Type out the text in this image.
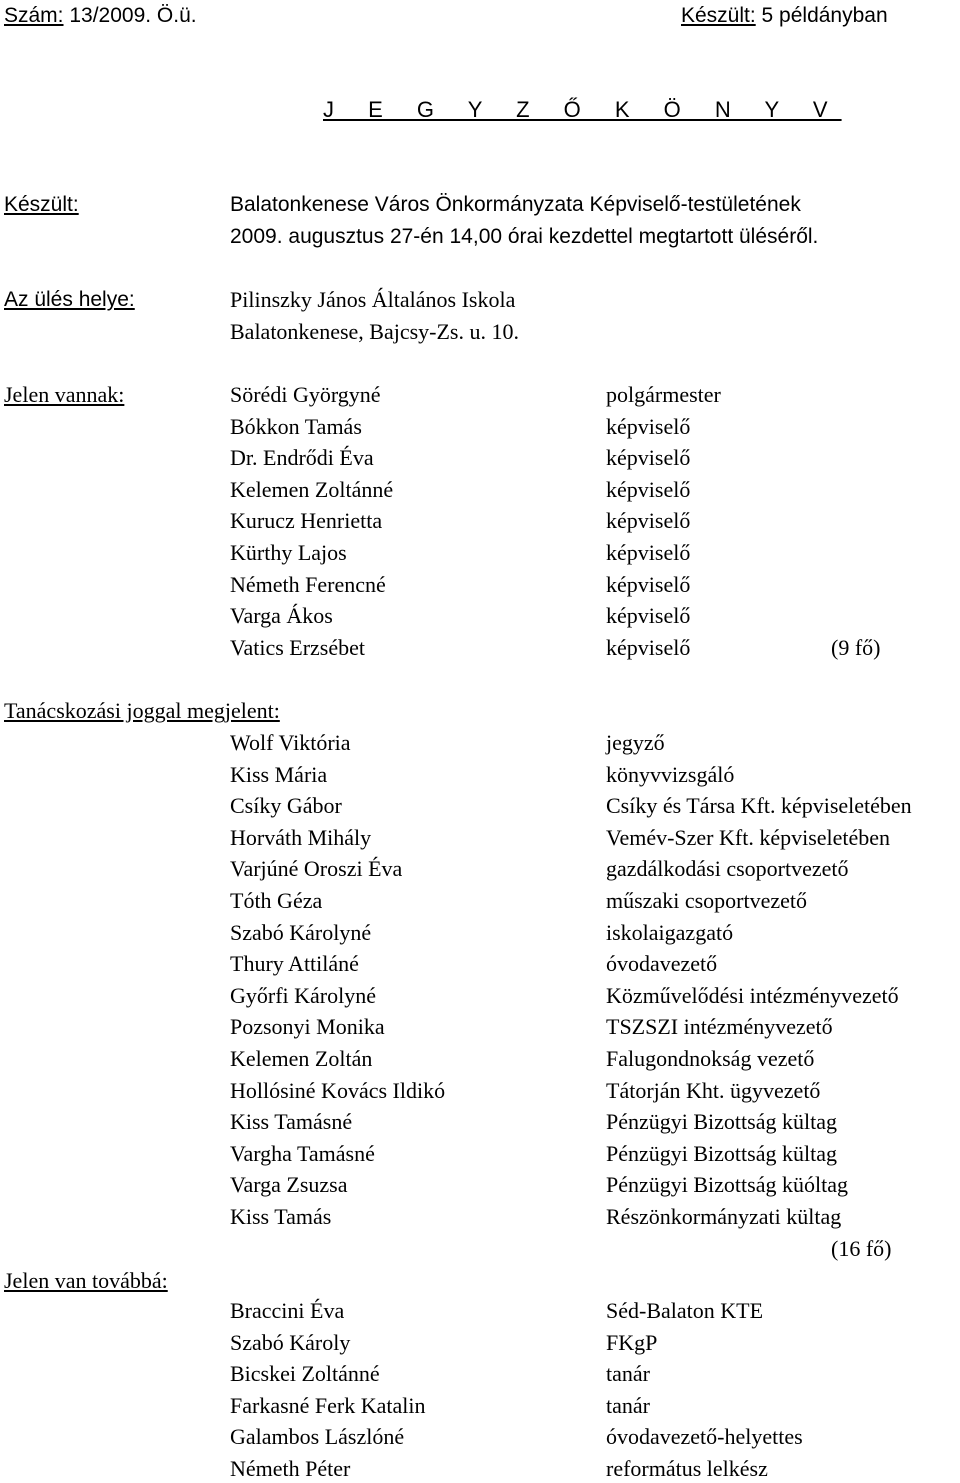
Szám: 13/2009. Ö.ü.	Készült: 5 példányban
J E G Y Z Ő K Ö N Y V
Készült:	Balatonkenese Város Önkormányzata Képviselő-testületének
2009. augusztus 27-én 14,00 órai kezdettel megtartott üléséről.
Az ülés helye:	Pilinszky János Általános Iskola
Balatonkenese, Bajcsy-Zs. u. 10.
Jelen vannak:	Sörédi Györgyné	polgármester
Bókkon Tamás	képviselő
Dr. Endrődi Éva	képviselő
Kelemen Zoltánné	képviselő
Kurucz Henrietta	képviselő
Kürthy Lajos	képviselő
Németh Ferencné	képviselő
Varga Ákos	képviselő
Vatics Erzsébet	képviselő	(9 fő)
Tanácskozási joggal megjelent:
Wolf Viktória	jegyző
Kiss Mária	könyvvizsgáló
Csíky Gábor	Csíky és Társa Kft. képviseletében
Horváth Mihály	Vemév-Szer Kft. képviseletében
Varjúné Oroszi Éva	gazdálkodási csoportvezető
Tóth Géza	műszaki csoportvezető
Szabó Károlyné	iskolaigazgató
Thury Attiláné	óvodavezető
Győrfi Károlyné	Közművelődési intézményvezető
Pozsonyi Monika	TSZSZI intézményvezető
Kelemen Zoltán	Falugondnokság vezető
Hollósiné Kovács Ildikó	Tátorján Kht. ügyvezető
Kiss Tamásné	Pénzügyi Bizottság kültag
Vargha Tamásné	Pénzügyi Bizottság kültag
Varga Zsuzsa	Pénzügyi Bizottság küóltag
Kiss Tamás	Részönkormányzati kültag
(16 fő)
Jelen van továbbá:
Braccini Éva	Séd-Balaton KTE
Szabó Károly	FKgP
Bicskei Zoltánné	tanár
Farkasné Ferk Katalin	tanár
Galambos Lászlóné	óvodavezető-helyettes
Németh Péter	református lelkész
